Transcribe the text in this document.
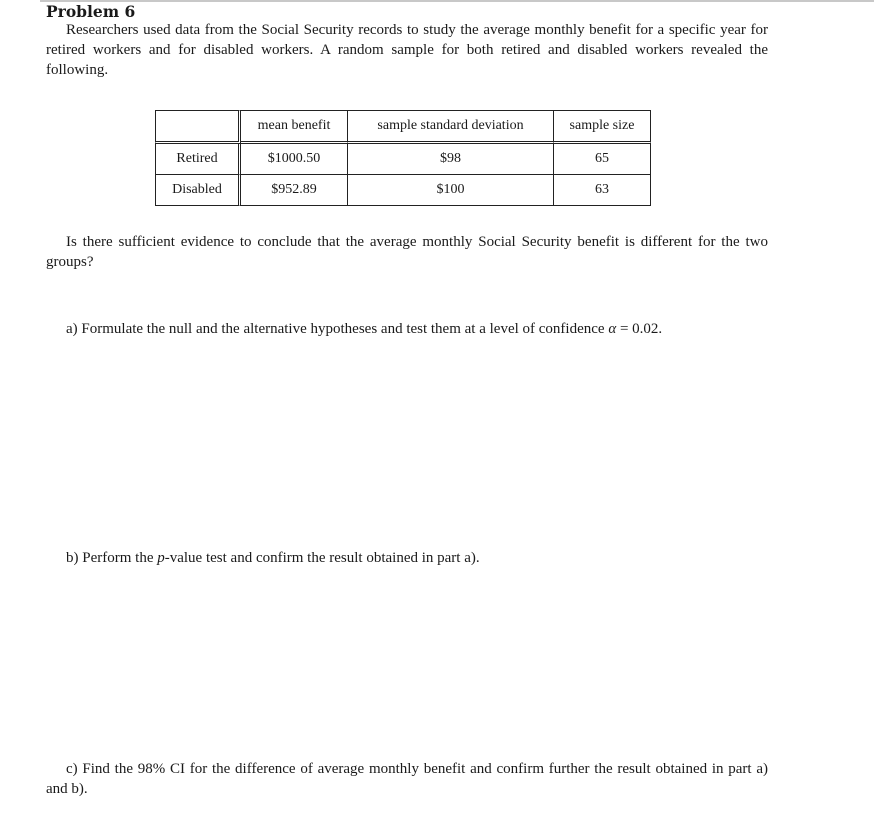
Problem 6

Researchers used data from the Social Security records to study the average monthly benefit for a specific year for retired workers and for disabled workers. A random sample for both retired and disabled workers revealed the following.

	mean benefit	sample standard deviation	sample size
Retired	$1000.50	$98	65
Disabled	$952.89	$100	63

Is there sufficient evidence to conclude that the average monthly Social Security benefit is different for the two groups?

a) Formulate the null and the alternative hypotheses and test them at a level of confidence α = 0.02.

b) Perform the p-value test and confirm the result obtained in part a).

c) Find the 98% CI for the difference of average monthly benefit and confirm further the result obtained in part a) and b).
